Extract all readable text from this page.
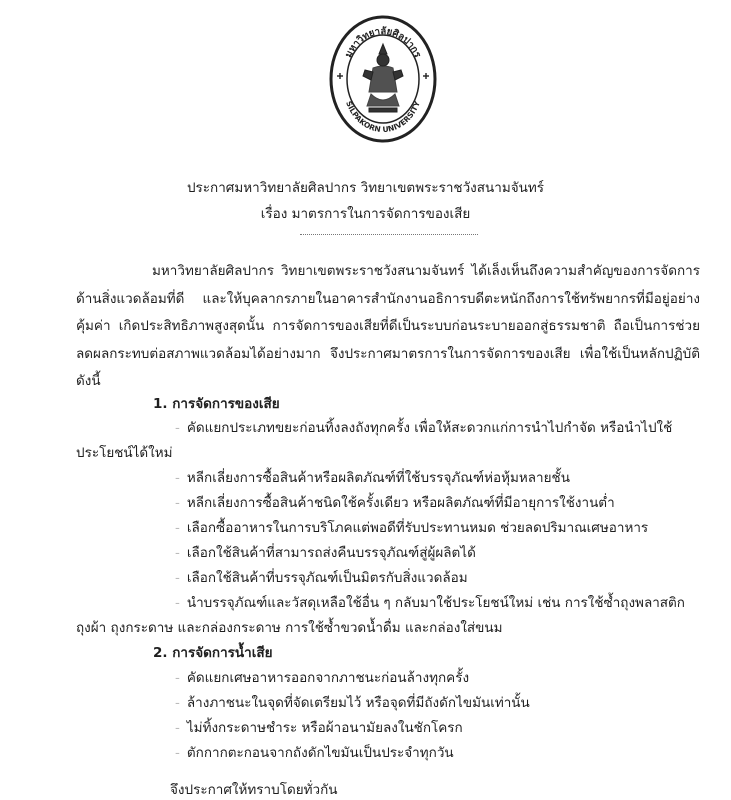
มหาวิทยาลัยศิลปากร
SILPAKORN UNIVERSITY
ประกาศมหาวิทยาลัยศิลปากร วิทยาเขตพระราชวังสนามจันทร์
เรื่อง มาตรการในการจัดการของเสีย
มหาวิทยาลัยศิลปากร วิทยาเขตพระราชวังสนามจันทร์ ได้เล็งเห็นถึงความสำคัญของการจัดการด้านสิ่งแวดล้อมที่ดี และให้บุคลากรภายในอาคารสำนักงานอธิการบดีตะหนักถึงการใช้ทรัพยากรที่มีอยู่อย่างคุ้มค่า เกิดประสิทธิภาพสูงสุดนั้น การจัดการของเสียที่ดีเป็นระบบก่อนระบายออกสู่ธรรมชาติ ถือเป็นการช่วยลดผลกระทบต่อสภาพแวดล้อมได้อย่างมาก จึงประกาศมาตรการในการจัดการของเสีย เพื่อใช้เป็นหลักปฏิบัติดังนี้
1. การจัดการของเสีย
- คัดแยกประเภทขยะก่อนทิ้งลงถังทุกครั้ง เพื่อให้สะดวกแก่การนำไปกำจัด หรือนำไปใช้
ประโยชน์ได้ใหม่
- หลีกเลี่ยงการซื้อสินค้าหรือผลิตภัณฑ์ที่ใช้บรรจุภัณฑ์ห่อหุ้มหลายชั้น
- หลีกเลี่ยงการซื้อสินค้าชนิดใช้ครั้งเดียว หรือผลิตภัณฑ์ที่มีอายุการใช้งานต่ำ
- เลือกซื้ออาหารในการบริโภคแต่พอดีที่รับประทานหมด ช่วยลดปริมาณเศษอาหาร
- เลือกใช้สินค้าที่สามารถส่งคืนบรรจุภัณฑ์สู่ผู้ผลิตได้
- เลือกใช้สินค้าที่บรรจุภัณฑ์เป็นมิตรกับสิ่งแวดล้อม
- นำบรรจุภัณฑ์และวัสดุเหลือใช้อื่น ๆ กลับมาใช้ประโยชน์ใหม่ เช่น การใช้ซ้ำถุงพลาสติก
ถุงผ้า ถุงกระดาษ และกล่องกระดาษ การใช้ซ้ำขวดน้ำดื่ม และกล่องใส่ขนม
2. การจัดการน้ำเสีย
- คัดแยกเศษอาหารออกจากภาชนะก่อนล้างทุกครั้ง
- ล้างภาชนะในจุดที่จัดเตรียมไว้ หรือจุดที่มีถังดักไขมันเท่านั้น
- ไม่ทิ้งกระดาษชำระ หรือผ้าอนามัยลงในชักโครก
- ตักกากตะกอนจากถังดักไขมันเป็นประจำทุกวัน
จึงประกาศให้ทราบโดยทั่วกัน
